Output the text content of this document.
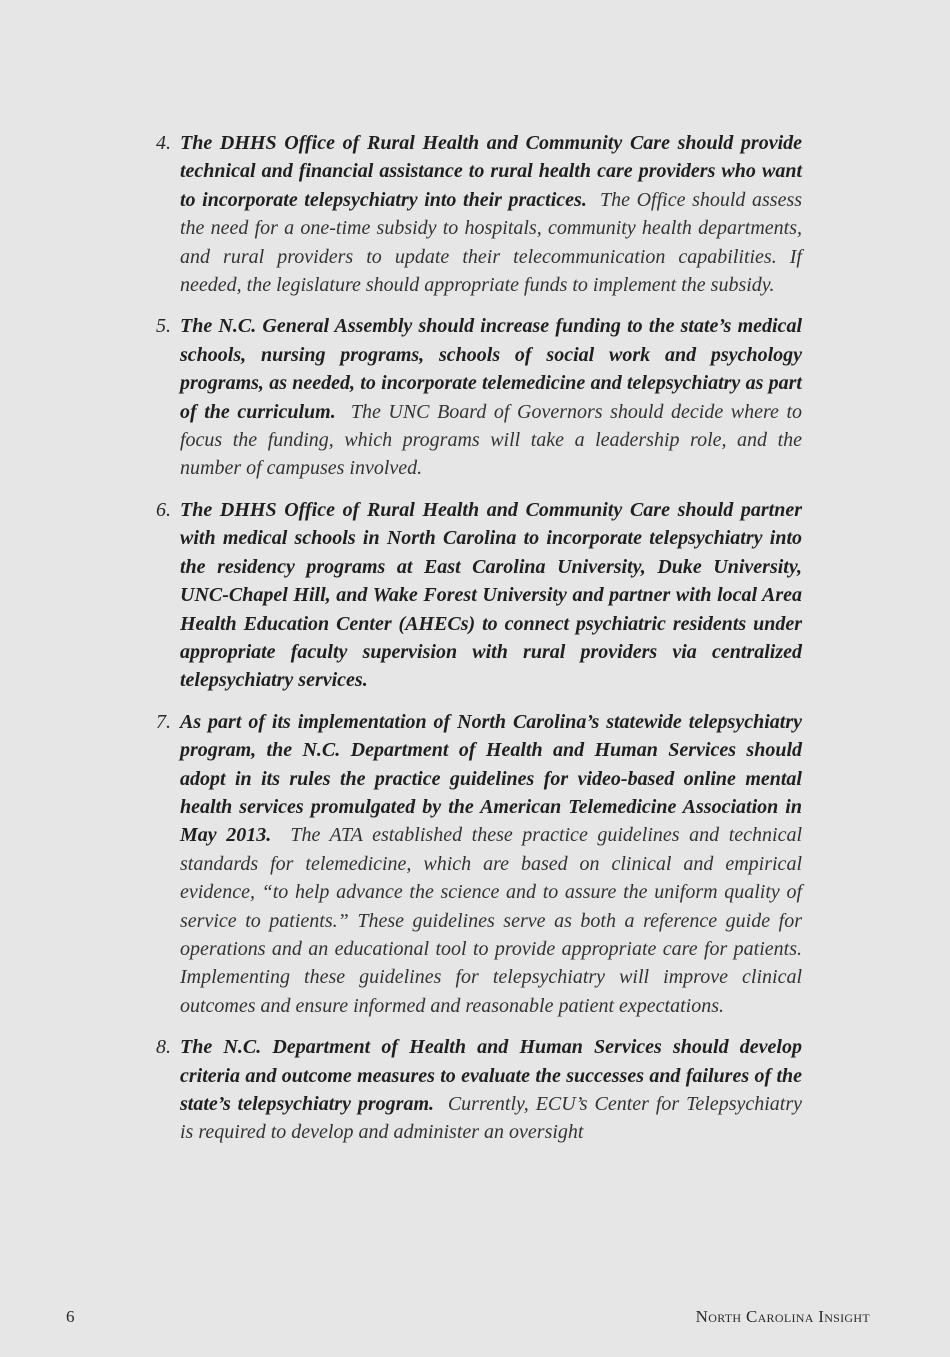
4. The DHHS Office of Rural Health and Community Care should provide technical and financial assistance to rural health care providers who want to incorporate telepsychiatry into their practices. The Office should assess the need for a one-time subsidy to hospitals, community health departments, and rural providers to update their telecommunication capabilities. If needed, the legislature should appropriate funds to implement the subsidy.
5. The N.C. General Assembly should increase funding to the state’s medical schools, nursing programs, schools of social work and psychology programs, as needed, to incorporate telemedicine and telepsychiatry as part of the curriculum. The UNC Board of Governors should decide where to focus the funding, which programs will take a leadership role, and the number of campuses involved.
6. The DHHS Office of Rural Health and Community Care should partner with medical schools in North Carolina to incorporate telepsychiatry into the residency programs at East Carolina University, Duke University, UNC-Chapel Hill, and Wake Forest University and partner with local Area Health Education Center (AHECs) to connect psychiatric residents under appropriate faculty supervision with rural providers via centralized telepsychiatry services.
7. As part of its implementation of North Carolina’s statewide telepsychiatry program, the N.C. Department of Health and Human Services should adopt in its rules the practice guidelines for video-based online mental health services promulgated by the American Telemedicine Association in May 2013. The ATA established these practice guidelines and technical standards for telemedicine, which are based on clinical and empirical evidence, “to help advance the science and to assure the uniform quality of service to patients.” These guidelines serve as both a reference guide for operations and an educational tool to provide appropriate care for patients. Implementing these guidelines for telepsychiatry will improve clinical outcomes and ensure informed and reasonable patient expectations.
8. The N.C. Department of Health and Human Services should develop criteria and outcome measures to evaluate the successes and failures of the state’s telepsychiatry program. Currently, ECU’s Center for Telepsychiatry is required to develop and administer an oversight
6	North Carolina Insight
